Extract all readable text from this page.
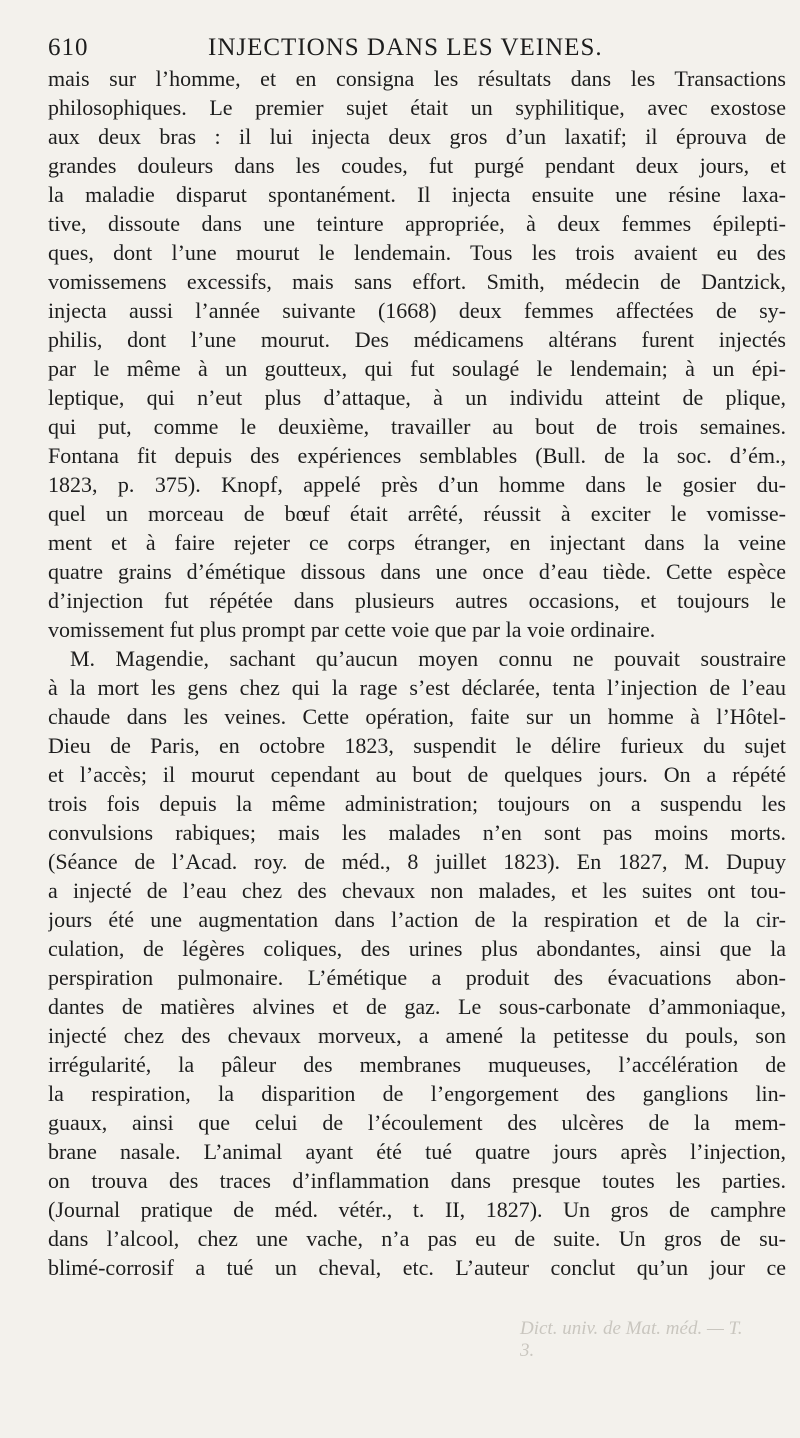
610	INJECTIONS DANS LES VEINES.
mais sur l’homme, et en consigna les résultats dans les Transactions
philosophiques. Le premier sujet était un syphilitique, avec exostose
aux deux bras : il lui injecta deux gros d’un laxatif; il éprouva de
grandes douleurs dans les coudes, fut purgé pendant deux jours, et
la maladie disparut spontanément. Il injecta ensuite une résine laxa-
tive, dissoute dans une teinture appropriée, à deux femmes épilepti-
ques, dont l’une mourut le lendemain. Tous les trois avaient eu des
vomissemens excessifs, mais sans effort. Smith, médecin de Dantzick,
injecta aussi l’année suivante (1668) deux femmes affectées de sy-
philis, dont l’une mourut. Des médicamens altérans furent injectés
par le même à un goutteux, qui fut soulagé le lendemain; à un épi-
leptique, qui n’eut plus d’attaque, à un individu atteint de plique,
qui put, comme le deuxième, travailler au bout de trois semaines.
Fontana fit depuis des expériences semblables (Bull. de la soc. d’ém.,
1823, p. 375). Knopf, appelé près d’un homme dans le gosier du-
quel un morceau de bœuf était arrêté, réussit à exciter le vomisse-
ment et à faire rejeter ce corps étranger, en injectant dans la veine
quatre grains d’émétique dissous dans une once d’eau tiède. Cette espèce
d’injection fut répétée dans plusieurs autres occasions, et toujours le
vomissement fut plus prompt par cette voie que par la voie ordinaire.
M. Magendie, sachant qu’aucun moyen connu ne pouvait soustraire
à la mort les gens chez qui la rage s’est déclarée, tenta l’injection de l’eau
chaude dans les veines. Cette opération, faite sur un homme à l’Hôtel-
Dieu de Paris, en octobre 1823, suspendit le délire furieux du sujet
et l’accès; il mourut cependant au bout de quelques jours. On a répété
trois fois depuis la même administration; toujours on a suspendu les
convulsions rabiques; mais les malades n’en sont pas moins morts.
(Séance de l’Acad. roy. de méd., 8 juillet 1823). En 1827, M. Dupuy
a injecté de l’eau chez des chevaux non malades, et les suites ont tou-
jours été une augmentation dans l’action de la respiration et de la cir-
culation, de légères coliques, des urines plus abondantes, ainsi que la
perspiration pulmonaire. L’émétique a produit des évacuations abon-
dantes de matières alvines et de gaz. Le sous-carbonate d’ammoniaque,
injecté chez des chevaux morveux, a amené la petitesse du pouls, son
irrégularité, la pâleur des membranes muqueuses, l’accélération de
la respiration, la disparition de l’engorgement des ganglions lin-
guaux, ainsi que celui de l’écoulement des ulcères de la mem-
brane nasale. L’animal ayant été tué quatre jours après l’injection,
on trouva des traces d’inflammation dans presque toutes les parties.
(Journal pratique de méd. vétér., t. II, 1827). Un gros de camphre
dans l’alcool, chez une vache, n’a pas eu de suite. Un gros de su-
blimé-corrosif a tué un cheval, etc. L’auteur conclut qu’un jour ce
Dict. univ. de Mat. méd. — T. 3.
